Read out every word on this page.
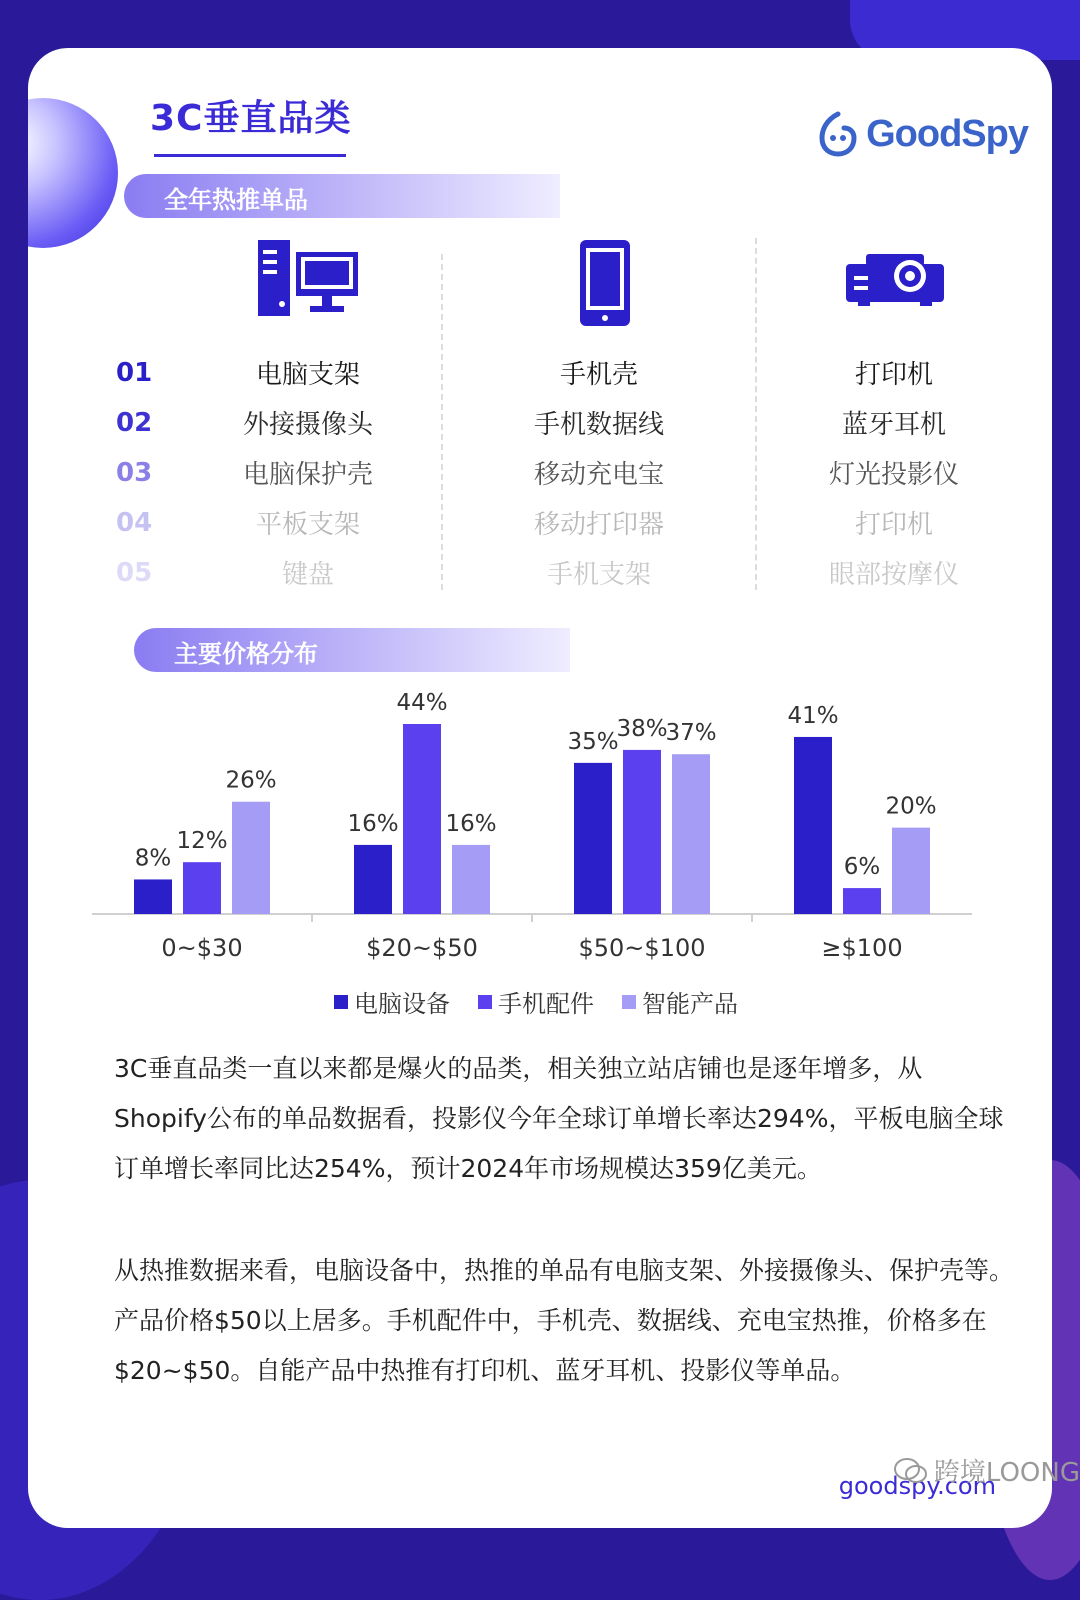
3C垂直品类	GoodSpy
全年热推单品
01
02
03
04
05
电脑支架
外接摄像头
电脑保护壳
平板支架
键盘
手机壳
手机数据线
移动充电宝
移动打印器
手机支架
打印机
蓝牙耳机
灯光投影仪
打印机
眼部按摩仪
主要价格分布
8%
12%
26%
0~$30
16%
44%
16%
$20~$50
35%
38%
37%
$50~$100
41%
6%
20%
≥$100
电脑设备 手机配件 智能产品
3C垂直品类一直以来都是爆火的品类，相关独立站店铺也是逐年增多，从Shopify公布的单品数据看，投影仪今年全球订单增长率达294%，平板电脑全球订单增长率同比达254%，预计2024年市场规模达359亿美元。
从热推数据来看，电脑设备中，热推的单品有电脑支架、外接摄像头、保护壳等。产品价格$50以上居多。手机配件中，手机壳、数据线、充电宝热推，价格多在$20~$50。自能产品中热推有打印机、蓝牙耳机、投影仪等单品。
goodspy.com
跨境LOONG
